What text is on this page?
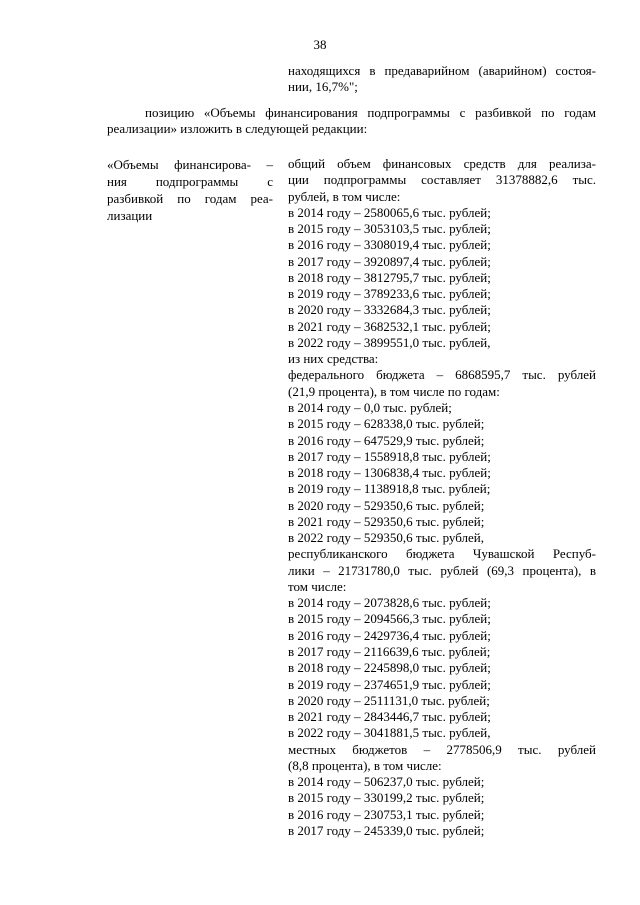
38
находящихся в предаварийном (аварийном) состоя-
нии, 16,7%";
позицию «Объемы финансирования подпрограммы с разбивкой по годам
реализации» изложить в следующей редакции:
«Объемы финансирова- –
ния подпрограммы с
разбивкой по годам реа-
лизации
общий объем финансовых средств для реализа-
ции подпрограммы составляет 31378882,6 тыс.
рублей, в том числе:
в 2014 году – 2580065,6 тыс. рублей;
в 2015 году – 3053103,5 тыс. рублей;
в 2016 году – 3308019,4 тыс. рублей;
в 2017 году – 3920897,4 тыс. рублей;
в 2018 году – 3812795,7 тыс. рублей;
в 2019 году – 3789233,6 тыс. рублей;
в 2020 году – 3332684,3 тыс. рублей;
в 2021 году – 3682532,1 тыс. рублей;
в 2022 году – 3899551,0 тыс. рублей,
из них средства:
федерального бюджета – 6868595,7 тыс. рублей
(21,9 процента), в том числе по годам:
в 2014 году – 0,0 тыс. рублей;
в 2015 году – 628338,0 тыс. рублей;
в 2016 году – 647529,9 тыс. рублей;
в 2017 году – 1558918,8 тыс. рублей;
в 2018 году – 1306838,4 тыс. рублей;
в 2019 году – 1138918,8 тыс. рублей;
в 2020 году – 529350,6 тыс. рублей;
в 2021 году – 529350,6 тыс. рублей;
в 2022 году – 529350,6 тыс. рублей,
республиканского бюджета Чувашской Респуб-
лики – 21731780,0 тыс. рублей (69,3 процента), в
том числе:
в 2014 году – 2073828,6 тыс. рублей;
в 2015 году – 2094566,3 тыс. рублей;
в 2016 году – 2429736,4 тыс. рублей;
в 2017 году – 2116639,6 тыс. рублей;
в 2018 году – 2245898,0 тыс. рублей;
в 2019 году – 2374651,9 тыс. рублей;
в 2020 году – 2511131,0 тыс. рублей;
в 2021 году – 2843446,7 тыс. рублей;
в 2022 году – 3041881,5 тыс. рублей,
местных бюджетов – 2778506,9 тыс. рублей
(8,8 процента), в том числе:
в 2014 году – 506237,0 тыс. рублей;
в 2015 году – 330199,2 тыс. рублей;
в 2016 году – 230753,1 тыс. рублей;
в 2017 году – 245339,0 тыс. рублей;
